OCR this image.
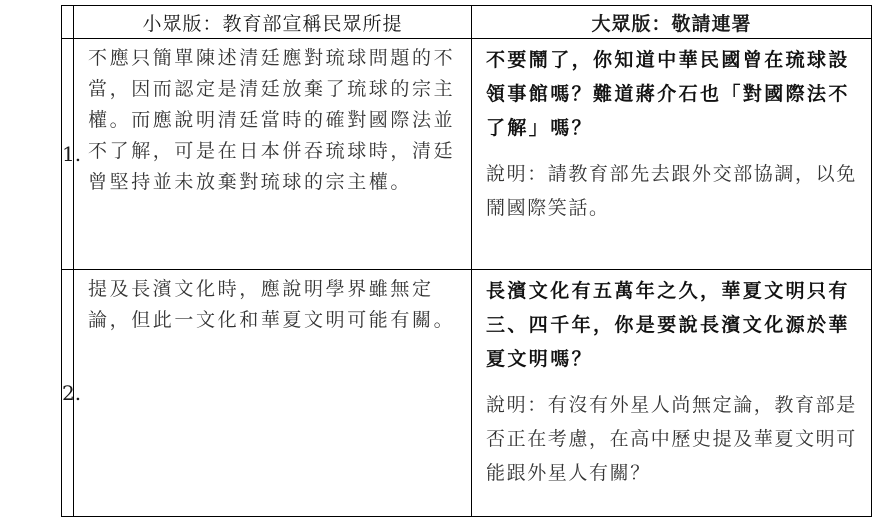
	小眾版：教育部宣稱民眾所提	大眾版：敬請連署
1.	不應只簡單陳述清廷應對琉球問題的不當，因而認定是清廷放棄了琉球的宗主權。而應說明清廷當時的確對國際法並不了解，可是在日本併吞琉球時，清廷曾堅持並未放棄對琉球的宗主權。	不要鬧了，你知道中華民國曾在琉球設領事館嗎？難道蔣介石也「對國際法不了解」嗎？
說明：請教育部先去跟外交部協調，以免鬧國際笑話。

2.	提及長濱文化時，應說明學界雖無定論，但此一文化和華夏文明可能有關。	長濱文化有五萬年之久，華夏文明只有三、四千年，你是要說長濱文化源於華夏文明嗎？
說明：有沒有外星人尚無定論，教育部是否正在考慮，在高中歷史提及華夏文明可能跟外星人有關？
